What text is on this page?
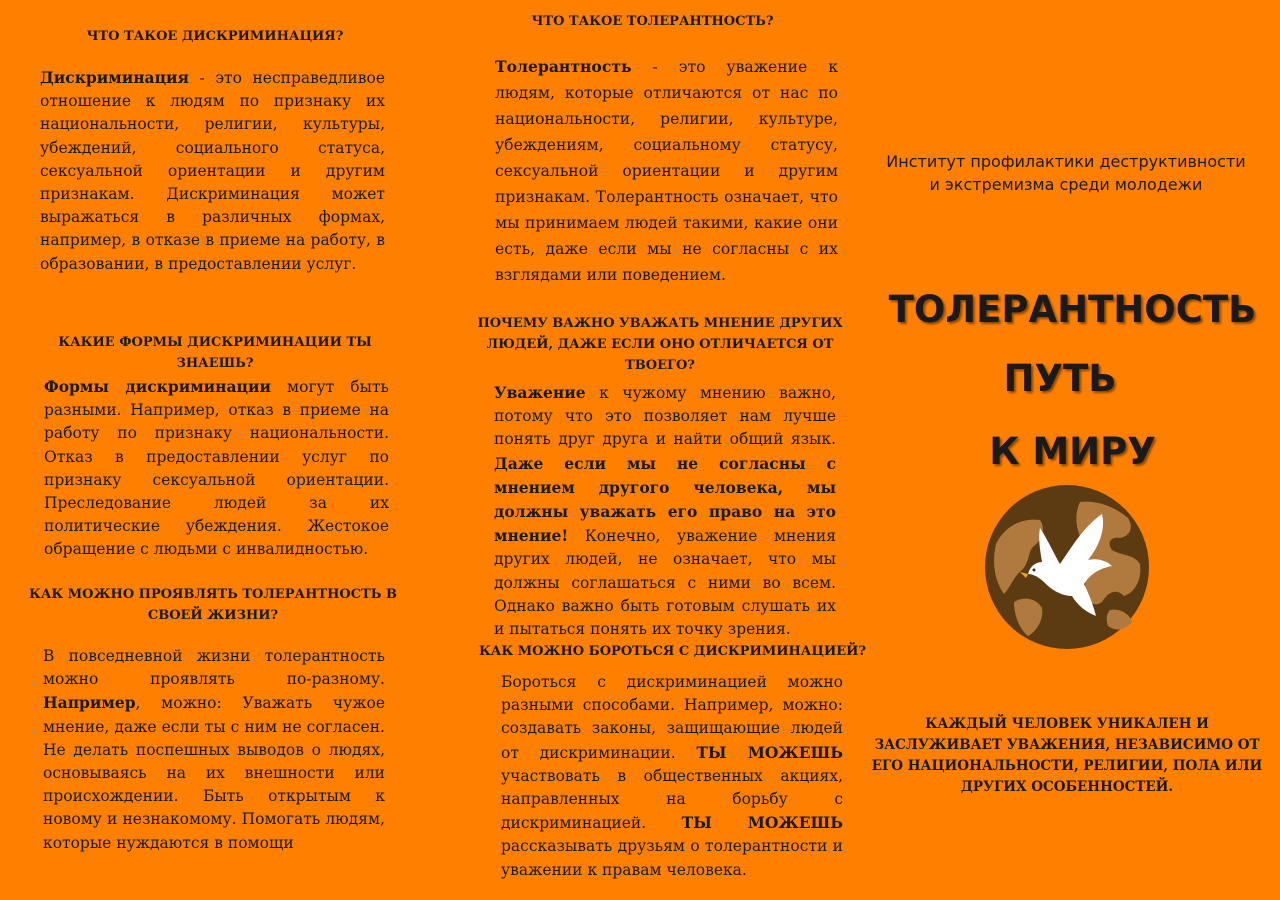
ЧТО ТАКОЕ ДИСКРИМИНАЦИЯ?

Дискриминация - это несправедливое отношение к людям по признаку их национальности, религии, культуры, убеждений, социального статуса, сексуальной ориентации и другим признакам. Дискриминация может выражаться в различных формах, например, в отказе в приеме на работу, в образовании, в предоставлении услуг.

КАКИЕ ФОРМЫ ДИСКРИМИНАЦИИ ТЫ ЗНАЕШЬ?

Формы дискриминации могут быть разными. Например, отказ в приеме на работу по признаку национальности. Отказ в предоставлении услуг по признаку сексуальной ориентации. Преследование людей за их политические убеждения. Жестокое обращение с людьми с инвалидностью.

КАК МОЖНО ПРОЯВЛЯТЬ ТОЛЕРАНТНОСТЬ В СВОЕЙ ЖИЗНИ?

В повседневной жизни толерантность можно проявлять по-разному. Например, можно: Уважать чужое мнение, даже если ты с ним не согласен. Не делать поспешных выводов о людях, основываясь на их внешности или происхождении. Быть открытым к новому и незнакомому. Помогать людям, которые нуждаются в помощи

ЧТО ТАКОЕ ТОЛЕРАНТНОСТЬ?

Толерантность - это уважение к людям, которые отличаются от нас по национальности, религии, культуре, убеждениям, социальному статусу, сексуальной ориентации и другим признакам. Толерантность означает, что мы принимаем людей такими, какие они есть, даже если мы не согласны с их взглядами или поведением.

ПОЧЕМУ ВАЖНО УВАЖАТЬ МНЕНИЕ ДРУГИХ ЛЮДЕЙ, ДАЖЕ ЕСЛИ ОНО ОТЛИЧАЕТСЯ ОТ ТВОЕГО?

Уважение к чужому мнению важно, потому что это позволяет нам лучше понять друг друга и найти общий язык. Даже если мы не согласны с мнением другого человека, мы должны уважать его право на это мнение! Конечно, уважение мнения других людей, не означает, что мы должны соглашаться с ними во всем. Однако важно быть готовым слушать их и пытаться понять их точку зрения.

КАК МОЖНО БОРОТЬСЯ С ДИСКРИМИНАЦИЕЙ?

Бороться с дискриминацией можно разными способами. Например, можно: создавать законы, защищающие людей от дискриминации. ТЫ МОЖЕШЬ участвовать в общественных акциях, направленных на борьбу с дискриминацией. ТЫ МОЖЕШЬ рассказывать друзьям о толерантности и уважении к правам человека.

Институт профилактики деструктивности и экстремизма среди молодежи
ТОЛЕРАНТНОСТЬ
ПУТЬ
К МИРУ
КАЖДЫЙ ЧЕЛОВЕК УНИКАЛЕН И ЗАСЛУЖИВАЕТ УВАЖЕНИЯ, НЕЗАВИСИМО ОТ ЕГО НАЦИОНАЛЬНОСТИ, РЕЛИГИИ, ПОЛА ИЛИ ДРУГИХ ОСОБЕННОСТЕЙ.
